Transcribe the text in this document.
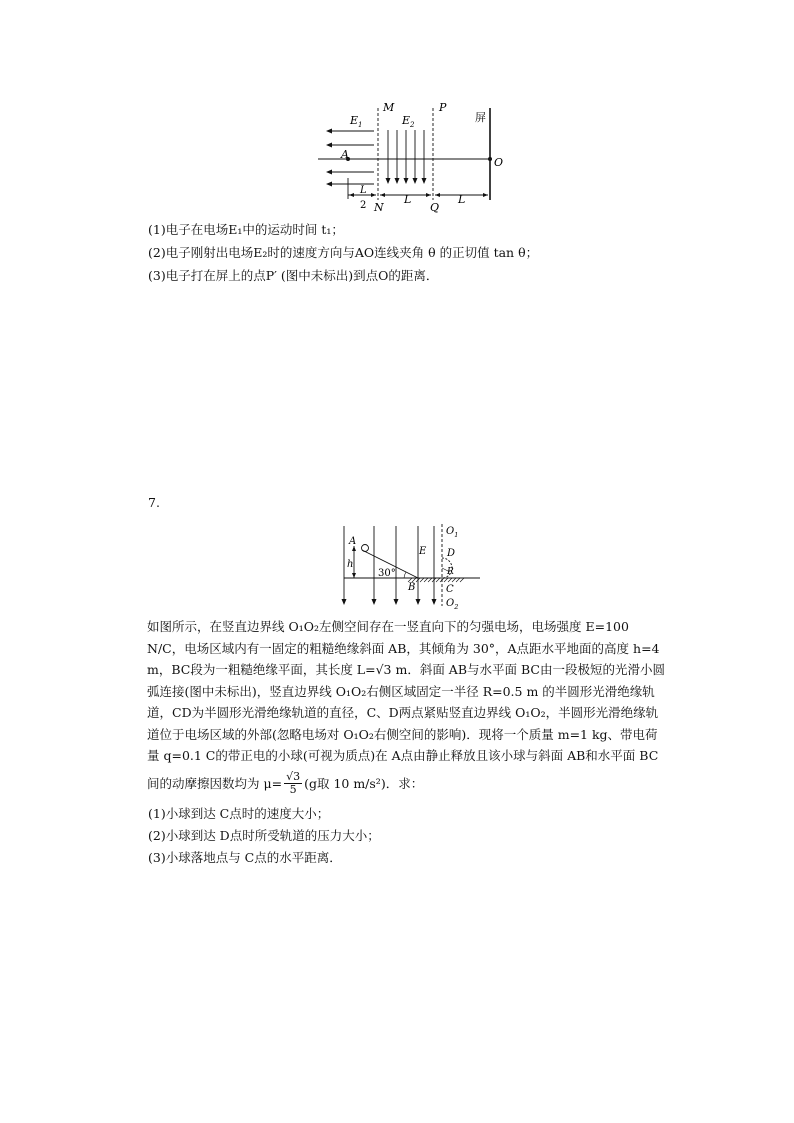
$E_1$	$E_2$
M	P
屏
A
O
L
2 N
L
Q
L
(1)电子在电场E₁中的运动时间 t₁；
(2)电子刚射出电场E₂时的速度方向与AO连线夹角 θ 的正切值 tan θ；
(3)电子打在屏上的点P′ (图中未标出)到点O的距离．
7.
A
h
30°
B
E
$O_1$
D
R
C
$O_2$
如图所示，在竖直边界线 O₁O₂左侧空间存在一竖直向下的匀强电场，电场强度 E=100
N/C，电场区域内有一固定的粗糙绝缘斜面 AB，其倾角为 30°，A点距水平地面的高度 h=4
m，BC段为一粗糙绝缘平面，其长度 L=√3 m．斜面 AB与水平面 BC由一段极短的光滑小圆
弧连接(图中未标出)，竖直边界线 O₁O₂右侧区域固定一半径 R=0.5 m 的半圆形光滑绝缘轨
道，CD为半圆形光滑绝缘轨道的直径，C、D两点紧贴竖直边界线 O₁O₂，半圆形光滑绝缘轨
道位于电场区域的外部(忽略电场对 O₁O₂右侧空间的影响)．现将一个质量 m=1 kg、带电荷
量 q=0.1 C的带正电的小球(可视为质点)在 A点由静止释放且该小球与斜面 AB和水平面 BC
间的动摩擦因数均为 $\mu= \frac{√3}{5} (g$取 10 m/s²)．求：
(1)小球到达 C点时的速度大小；
(2)小球到达 D点时所受轨道的压力大小；
(3)小球落地点与 C点的水平距离．
